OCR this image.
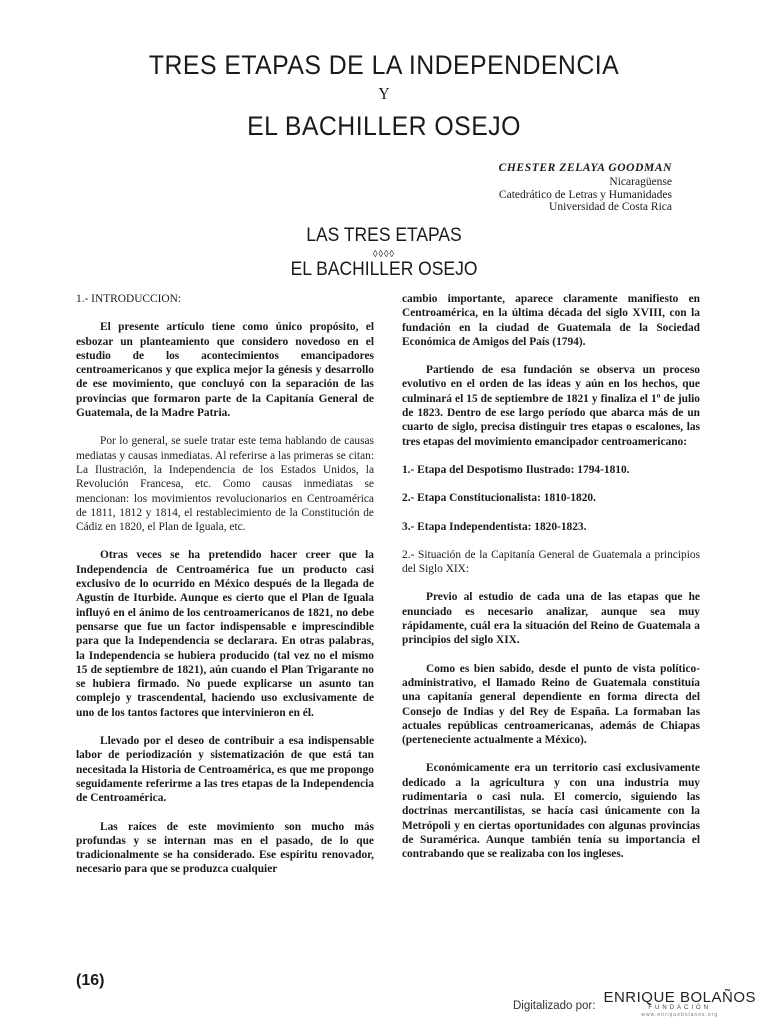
TRES ETAPAS DE LA INDEPENDENCIA
Y
EL BACHILLER OSEJO
CHESTER ZELAYA GOODMAN
Nicaragüense
Catedrático de Letras y Humanidades
Universidad de Costa Rica
LAS TRES ETAPAS
◊◊◊◊
EL BACHILLER OSEJO
1.- INTRODUCCION:

El presente artículo tiene como único propósito, el esbozar un planteamiento que considero novedoso en el estudio de los acontecimientos emancipadores centroamericanos y que explica mejor la génesis y desarrollo de ese movimiento, que concluyó con la separación de las provincias que formaron parte de la Capitanía General de Guatemala, de la Madre Patria.

Por lo general, se suele tratar este tema hablando de causas mediatas y causas inmediatas. Al referirse a las primeras se citan: La Ilustración, la Independencia de los Estados Unidos, la Revolución Francesa, etc. Como causas inmediatas se mencionan: los movimientos revolucionarios en Centroamérica de 1811, 1812 y 1814, el restablecimiento de la Constitución de Cádiz en 1820, el Plan de Iguala, etc.

Otras veces se ha pretendido hacer creer que la Independencia de Centroamérica fue un producto casi exclusivo de lo ocurrido en México después de la llegada de Agustín de Iturbide. Aunque es cierto que el Plan de Iguala influyó en el ánimo de los centroamericanos de 1821, no debe pensarse que fue un factor indispensable e imprescindible para que la Independencia se declarara. En otras palabras, la Independencia se hubiera producido (tal vez no el mismo 15 de septiembre de 1821), aún cuando el Plan Trigarante no se hubiera firmado. No puede explicarse un asunto tan complejo y trascendental, haciendo uso exclusivamente de uno de los tantos factores que intervinieron en él.

Llevado por el deseo de contribuir a esa indispensable labor de periodización y sistematización de que está tan necesitada la Historia de Centroamérica, es que me propongo seguidamente referirme a las tres etapas de la Independencia de Centroamérica.

Las raíces de este movimiento son mucho más profundas y se internan mas en el pasado, de lo que tradicionalmente se ha considerado. Ese espíritu renovador, necesario para que se produzca cualquier

cambio importante, aparece claramente manifiesto en Centroamérica, en la última década del siglo XVIII, con la fundación en la ciudad de Guatemala de la Sociedad Económica de Amigos del País (1794).

Partiendo de esa fundación se observa un proceso evolutivo en el orden de las ideas y aún en los hechos, que culminará el 15 de septiembre de 1821 y finaliza el 1º de julio de 1823. Dentro de ese largo período que abarca más de un cuarto de siglo, precisa distinguir tres etapas o escalones, las tres etapas del movimiento emancipador centroamericano:

1.- Etapa del Despotismo Ilustrado: 1794-1810.
2.- Etapa Constitucionalista: 1810-1820.
3.- Etapa Independentista: 1820-1823.
2.- Situación de la Capitanía General de Guatemala a principios del Siglo XIX:

Previo al estudio de cada una de las etapas que he enunciado es necesario analizar, aunque sea muy rápidamente, cuál era la situación del Reino de Guatemala a principios del siglo XIX.

Como es bien sabido, desde el punto de vista político-administrativo, el llamado Reino de Guatemala constituía una capitanía general dependiente en forma directa del Consejo de Indias y del Rey de España. La formaban las actuales repúblicas centroamericanas, además de Chiapas (perteneciente actualmente a México).

Económicamente era un territorio casi exclusivamente dedicado a la agricultura y con una industria muy rudimentaria o casi nula. El comercio, siguiendo las doctrinas mercantilistas, se hacía casi únicamente con la Metrópoli y en ciertas oportunidades con algunas provincias de Suramérica. Aunque también tenía su importancia el contrabando que se realizaba con los ingleses.

(16)
Digitalizado por: ENRIQUE BOLAÑOS
FUNDACIÓN
www.enriquebolanos.org
